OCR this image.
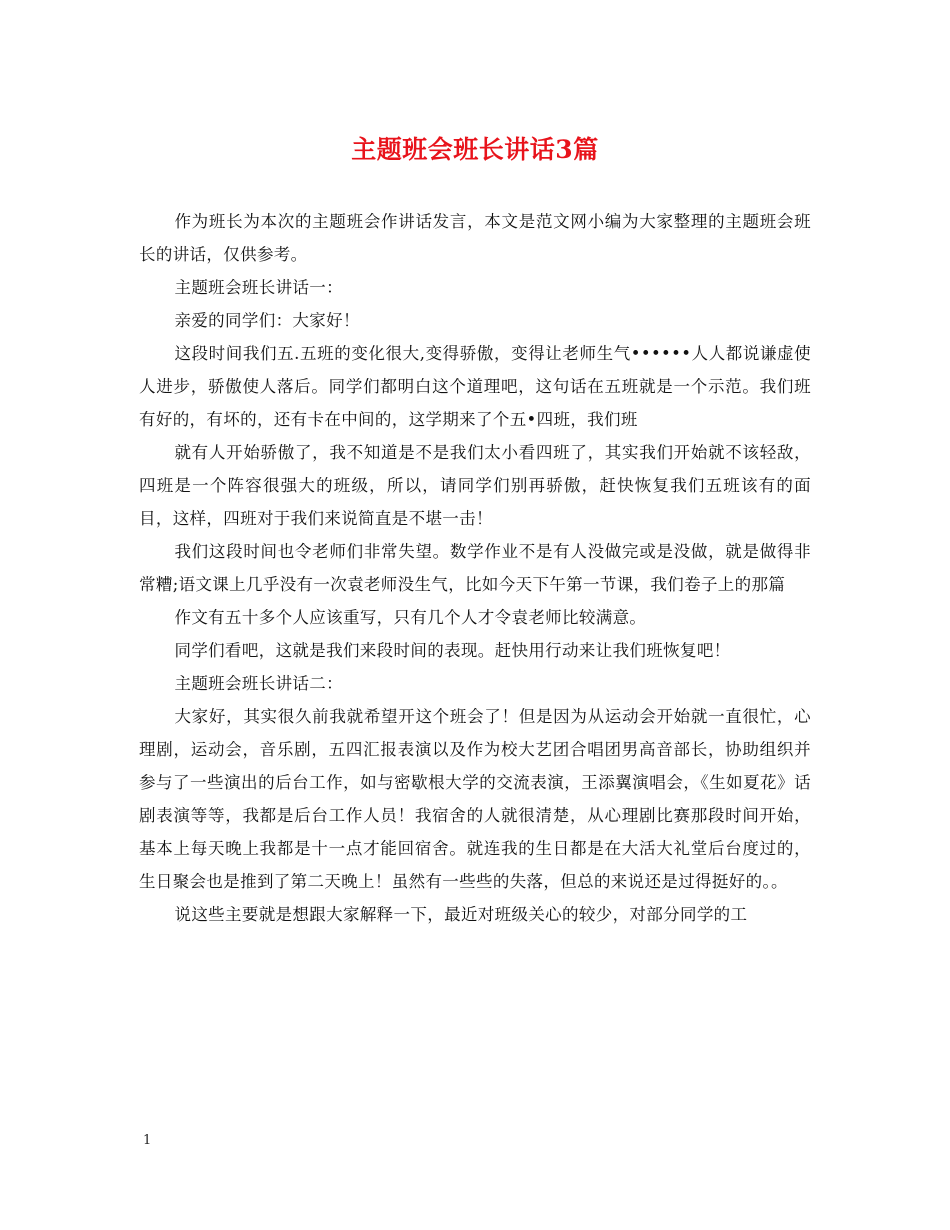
主题班会班长讲话3篇

作为班长为本次的主题班会作讲话发言，本文是范文网小编为大家整理的主题班会班长的讲话，仅供参考。

主题班会班长讲话一：

亲爱的同学们：大家好！

这段时间我们五.五班的变化很大,变得骄傲，变得让老师生气••••••人人都说谦虚使人进步，骄傲使人落后。同学们都明白这个道理吧，这句话在五班就是一个示范。我们班有好的，有坏的，还有卡在中间的，这学期来了个五•四班，我们班

就有人开始骄傲了，我不知道是不是我们太小看四班了，其实我们开始就不该轻敌，四班是一个阵容很强大的班级，所以，请同学们别再骄傲，赶快恢复我们五班该有的面目，这样，四班对于我们来说简直是不堪一击！

我们这段时间也令老师们非常失望。数学作业不是有人没做完或是没做，就是做得非常糟;语文课上几乎没有一次袁老师没生气，比如今天下午第一节课，我们卷子上的那篇

作文有五十多个人应该重写，只有几个人才令袁老师比较满意。

同学们看吧，这就是我们来段时间的表现。赶快用行动来让我们班恢复吧！

主题班会班长讲话二：

大家好，其实很久前我就希望开这个班会了！但是因为从运动会开始就一直很忙，心理剧，运动会，音乐剧，五四汇报表演以及作为校大艺团合唱团男高音部长，协助组织并参与了一些演出的后台工作，如与密歇根大学的交流表演，王添翼演唱会，《生如夏花》话剧表演等等，我都是后台工作人员！我宿舍的人就很清楚，从心理剧比赛那段时间开始，基本上每天晚上我都是十一点才能回宿舍。就连我的生日都是在大活大礼堂后台度过的，生日聚会也是推到了第二天晚上！虽然有一些些的失落，但总的来说还是过得挺好的。。

说这些主要就是想跟大家解释一下，最近对班级关心的较少，对部分同学的工

1
